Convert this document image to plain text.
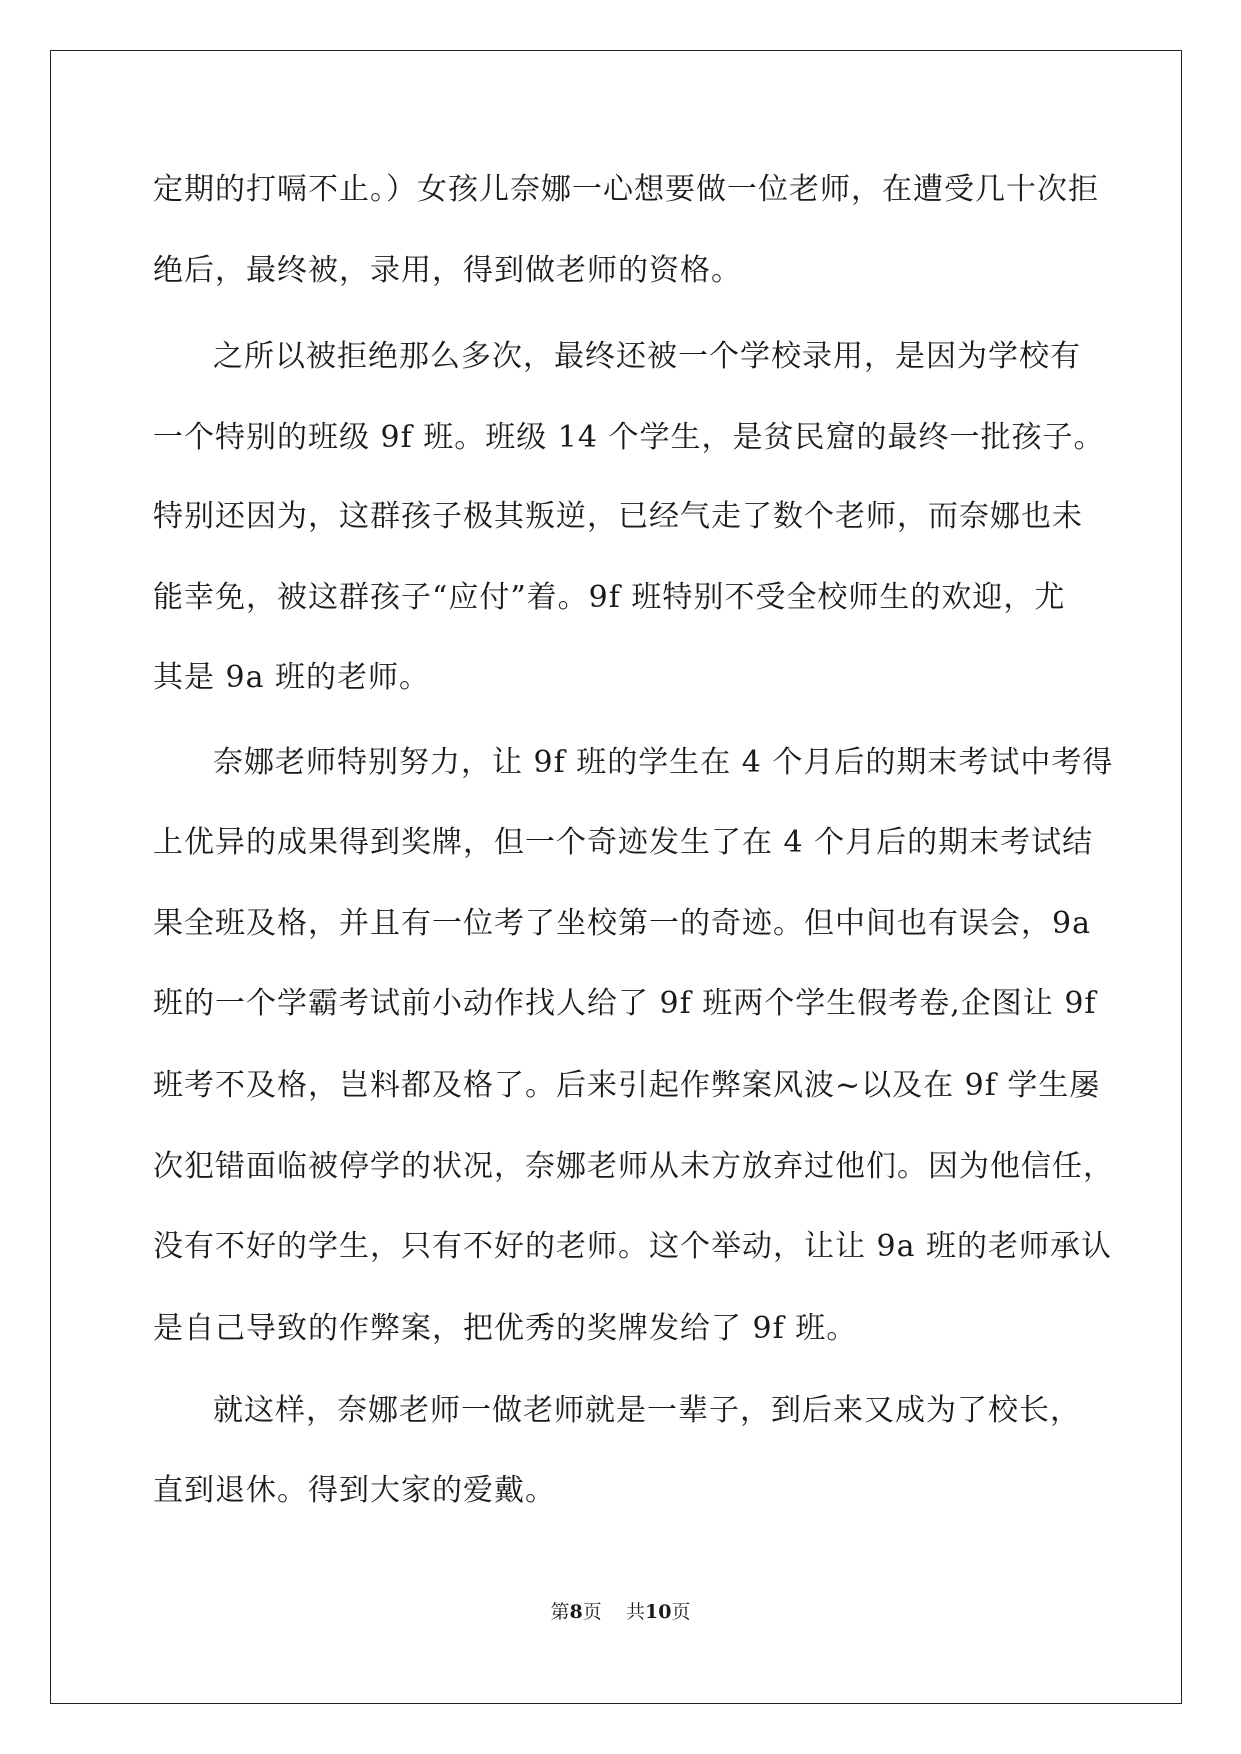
定期的打嗝不止。）女孩儿奈娜一心想要做一位老师，在遭受几十次拒

绝后，最终被，录用，得到做老师的资格。

之所以被拒绝那么多次，最终还被一个学校录用，是因为学校有

一个特别的班级 9f 班。班级 14 个学生，是贫民窟的最终一批孩子。

特别还因为，这群孩子极其叛逆，已经气走了数个老师，而奈娜也未

能幸免，被这群孩子“应付”着。9f 班特别不受全校师生的欢迎，尤

其是 9a 班的老师。

奈娜老师特别努力，让 9f 班的学生在 4 个月后的期末考试中考得

上优异的成果得到奖牌，但一个奇迹发生了在 4 个月后的期末考试结

果全班及格，并且有一位考了坐校第一的奇迹。但中间也有误会，9a

班的一个学霸考试前小动作找人给了 9f 班两个学生假考卷,企图让 9f

班考不及格，岂料都及格了。后来引起作弊案风波~以及在 9f 学生屡

次犯错面临被停学的状况，奈娜老师从未方放弃过他们。因为他信任，

没有不好的学生，只有不好的老师。这个举动，让让 9a 班的老师承认

是自己导致的作弊案，把优秀的奖牌发给了 9f 班。

就这样，奈娜老师一做老师就是一辈子，到后来又成为了校长，

直到退休。得到大家的爱戴。

第8页 共10页
